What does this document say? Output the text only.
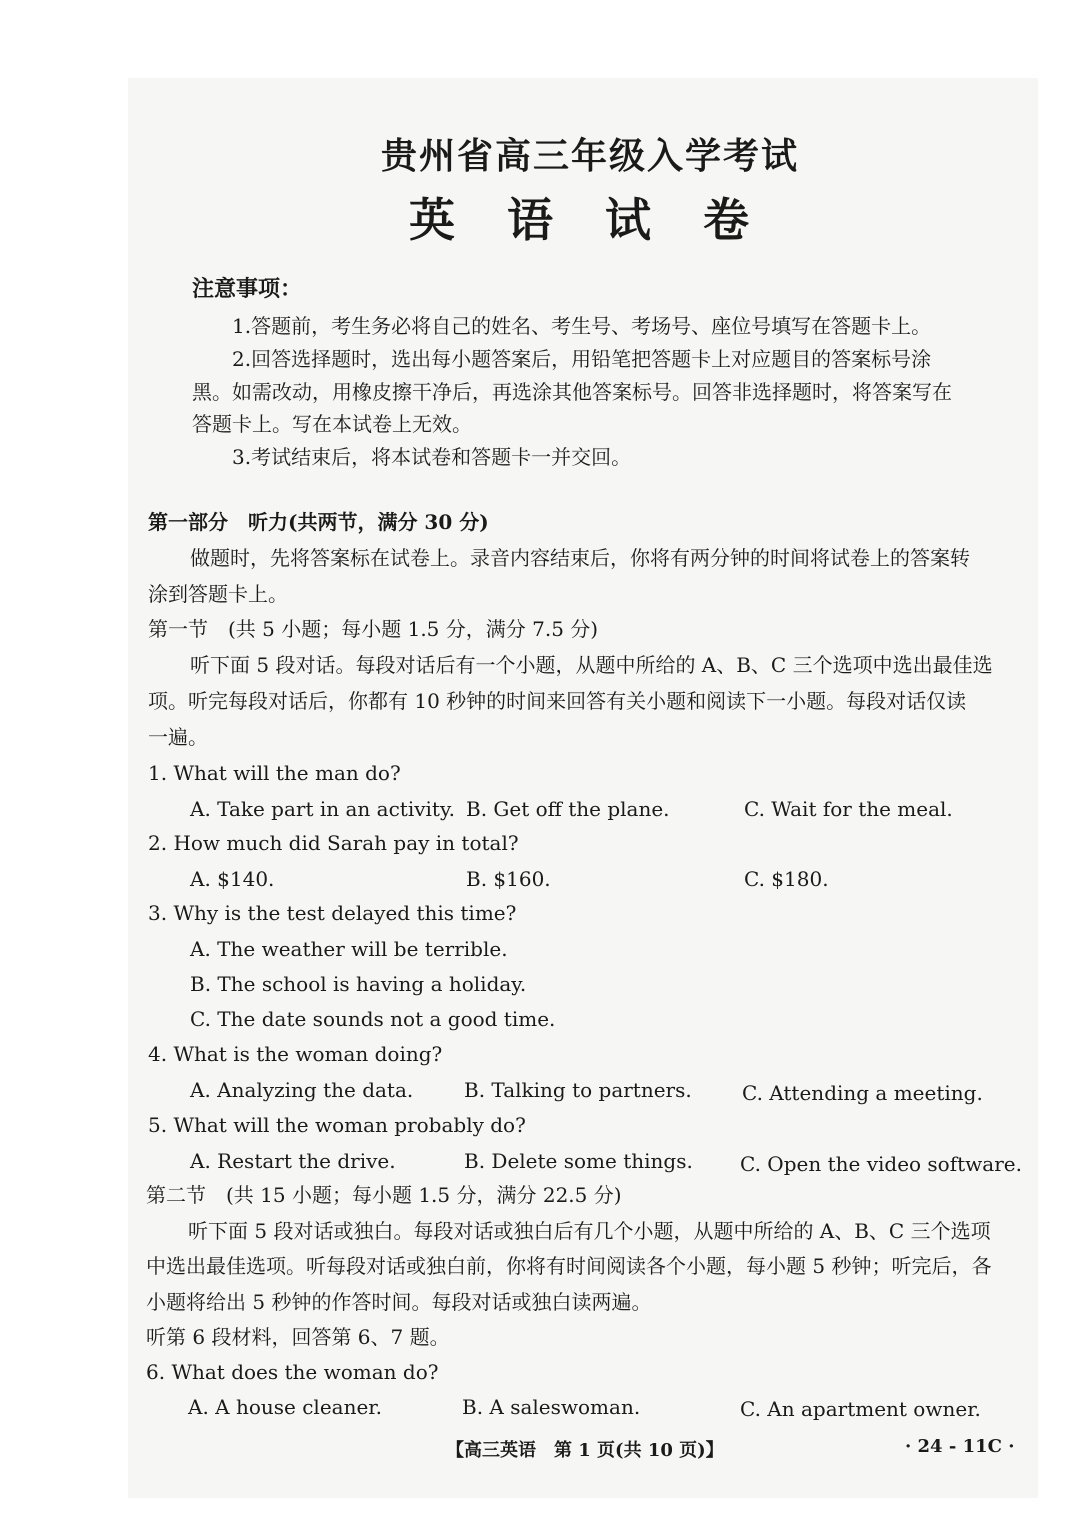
贵州省高三年级入学考试
英 语 试 卷
注意事项：
1.答题前，考生务必将自己的姓名、考生号、考场号、座位号填写在答题卡上。
2.回答选择题时，选出每小题答案后，用铅笔把答题卡上对应题目的答案标号涂
黑。如需改动，用橡皮擦干净后，再选涂其他答案标号。回答非选择题时，将答案写在
答题卡上。写在本试卷上无效。
3.考试结束后，将本试卷和答题卡一并交回。
第一部分　听力(共两节，满分 30 分)
做题时，先将答案标在试卷上。录音内容结束后，你将有两分钟的时间将试卷上的答案转
涂到答题卡上。
第一节　(共 5 小题；每小题 1.5 分，满分 7.5 分)
听下面 5 段对话。每段对话后有一个小题，从题中所给的 A、B、C 三个选项中选出最佳选
项。听完每段对话后，你都有 10 秒钟的时间来回答有关小题和阅读下一小题。每段对话仅读
一遍。
1. What will the man do?
A. Take part in an activity. B. Get off the plane.	C. Wait for the meal.
2. How much did Sarah pay in total?
A. $140.	B. $160.	C. $180.
3. Why is the test delayed this time?
A. The weather will be terrible.
B. The school is having a holiday.
C. The date sounds not a good time.
4. What is the woman doing?
A. Analyzing the data.	B. Talking to partners.	C. Attending a meeting.
5. What will the woman probably do?
A. Restart the drive.	B. Delete some things. C. Open the video software.
第二节　(共 15 小题；每小题 1.5 分，满分 22.5 分)
听下面 5 段对话或独白。每段对话或独白后有几个小题，从题中所给的 A、B、C 三个选项
中选出最佳选项。听每段对话或独白前，你将有时间阅读各个小题，每小题 5 秒钟；听完后，各
小题将给出 5 秒钟的作答时间。每段对话或独白读两遍。
听第 6 段材料，回答第 6、7 题。
6. What does the woman do?
A. A house cleaner.	B. A saleswoman.	C. An apartment owner.
【高三英语　第 1 页(共 10 页)】	· 24 - 11C ·
